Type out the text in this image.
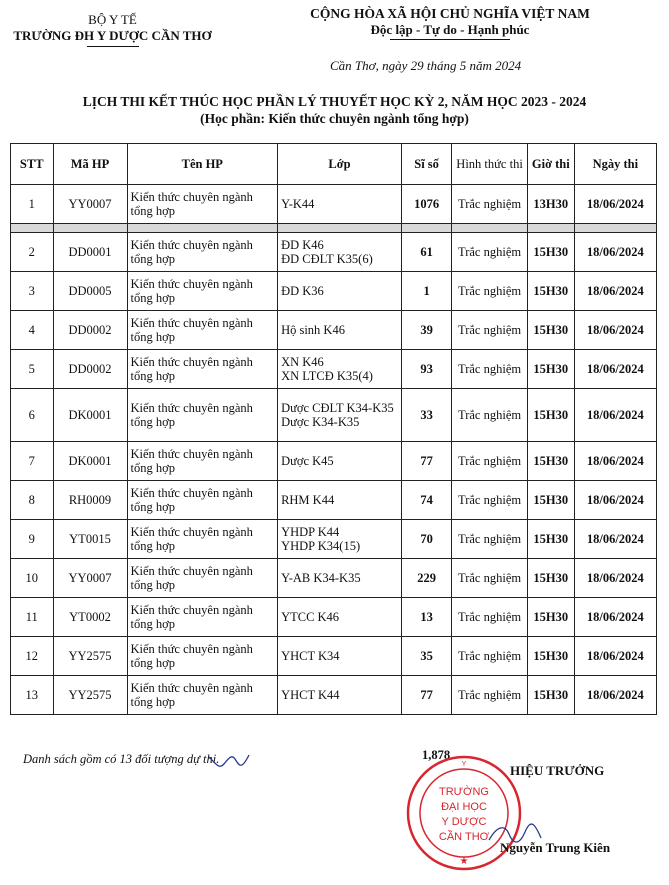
BỘ Y TẾ
TRƯỜNG ĐH Y DƯỢC CẦN THƠ
CỘNG HÒA XÃ HỘI CHỦ NGHĨA VIỆT NAM
Độc lập - Tự do - Hạnh phúc
Cần Thơ, ngày 29 tháng 5 năm 2024
LỊCH THI KẾT THÚC HỌC PHẦN LÝ THUYẾT HỌC KỲ 2, NĂM HỌC 2023 - 2024
(Học phần: Kiến thức chuyên ngành tổng hợp)
STT	Mã HP	Tên HP	Lớp	Sĩ số	Hình thức thi	Giờ thi	Ngày thi
1	YY0007	Kiến thức chuyên ngành tổng hợp	Y-K44	1076	Trắc nghiệm	13H30	18/06/2024

2	DD0001	Kiến thức chuyên ngành tổng hợp	ĐD K46
ĐD CĐLT K35(6)	61	Trắc nghiệm	15H30	18/06/2024
3	DD0005	Kiến thức chuyên ngành tổng hợp	ĐD K36	1	Trắc nghiệm	15H30	18/06/2024
4	DD0002	Kiến thức chuyên ngành tổng hợp	Hộ sinh K46	39	Trắc nghiệm	15H30	18/06/2024
5	DD0002	Kiến thức chuyên ngành tổng hợp	XN K46
XN LTCĐ K35(4)	93	Trắc nghiệm	15H30	18/06/2024
6	DK0001	Kiến thức chuyên ngành tổng hợp	Dược CĐLT K34-K35
Dược K34-K35	33	Trắc nghiệm	15H30	18/06/2024
7	DK0001	Kiến thức chuyên ngành tổng hợp	Dược K45	77	Trắc nghiệm	15H30	18/06/2024
8	RH0009	Kiến thức chuyên ngành tổng hợp	RHM K44	74	Trắc nghiệm	15H30	18/06/2024
9	YT0015	Kiến thức chuyên ngành tổng hợp	YHDP K44
YHDP K34(15)	70	Trắc nghiệm	15H30	18/06/2024
10	YY0007	Kiến thức chuyên ngành tổng hợp	Y-AB K34-K35	229	Trắc nghiệm	15H30	18/06/2024
11	YT0002	Kiến thức chuyên ngành tổng hợp	YTCC K46	13	Trắc nghiệm	15H30	18/06/2024
12	YY2575	Kiến thức chuyên ngành tổng hợp	YHCT K34	35	Trắc nghiệm	15H30	18/06/2024
13	YY2575	Kiến thức chuyên ngành tổng hợp	YHCT K44	77	Trắc nghiệm	15H30	18/06/2024
Danh sách gồm có 13 đối tượng dự thi.	1,878
TRƯỜNG
ĐẠI HỌC
Y DƯỢC
CẦN THƠ
Y
★
HIỆU TRƯỞNG
Nguyễn Trung Kiên
